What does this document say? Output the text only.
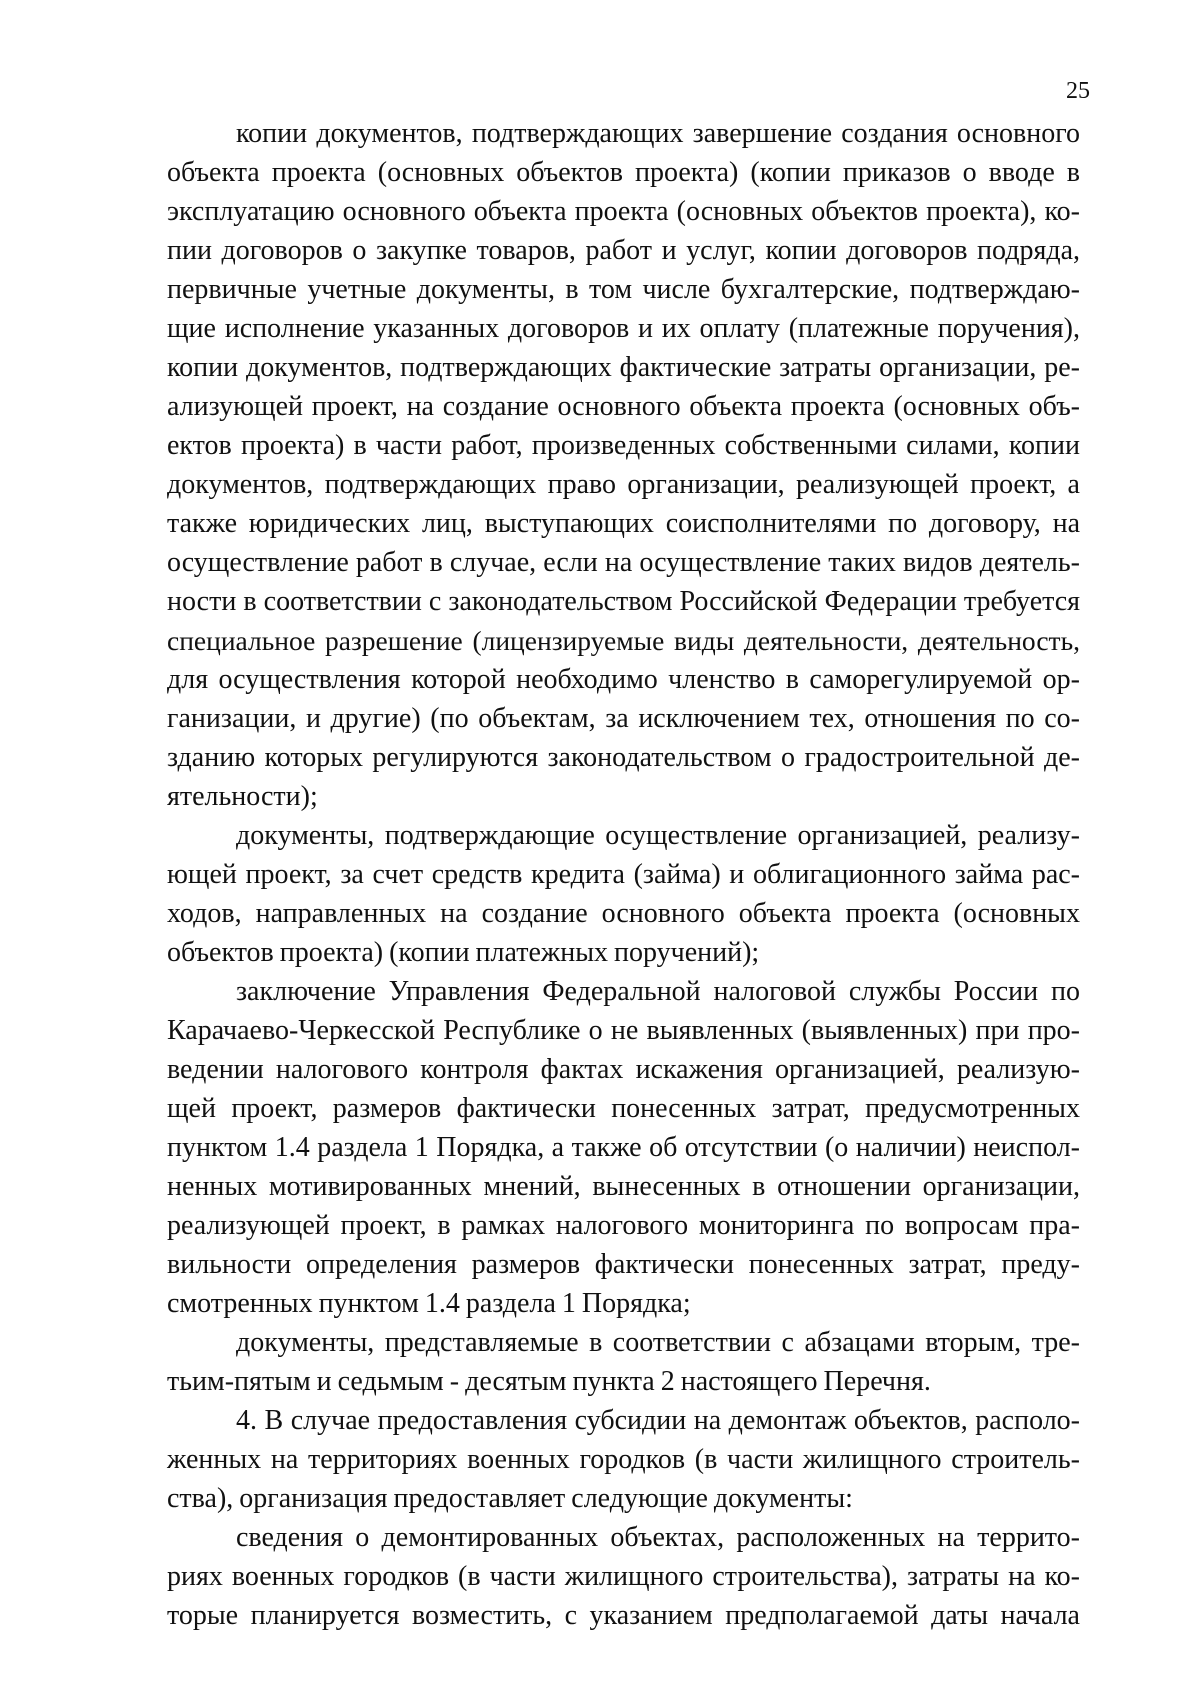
25
копии документов, подтверждающих завершение создания основного
объекта проекта (основных объектов проекта) (копии приказов о вводе в
эксплуатацию основного объекта проекта (основных объектов проекта), ко-
пии договоров о закупке товаров, работ и услуг, копии договоров подряда,
первичные учетные документы, в том числе бухгалтерские, подтверждаю-
щие исполнение указанных договоров и их оплату (платежные поручения),
копии документов, подтверждающих фактические затраты организации, ре-
ализующей проект, на создание основного объекта проекта (основных объ-
ектов проекта) в части работ, произведенных собственными силами, копии
документов, подтверждающих право организации, реализующей проект, а
также юридических лиц, выступающих соисполнителями по договору, на
осуществление работ в случае, если на осуществление таких видов деятель-
ности в соответствии с законодательством Российской Федерации требуется
специальное разрешение (лицензируемые виды деятельности, деятельность,
для осуществления которой необходимо членство в саморегулируемой ор-
ганизации, и другие) (по объектам, за исключением тех, отношения по со-
зданию которых регулируются законодательством о градостроительной де-
ятельности);
документы, подтверждающие осуществление организацией, реализу-
ющей проект, за счет средств кредита (займа) и облигационного займа рас-
ходов, направленных на создание основного объекта проекта (основных
объектов проекта) (копии платежных поручений);
заключение Управления Федеральной налоговой службы России по
Карачаево-Черкесской Республике о не выявленных (выявленных) при про-
ведении налогового контроля фактах искажения организацией, реализую-
щей проект, размеров фактически понесенных затрат, предусмотренных
пунктом 1.4 раздела 1 Порядка, а также об отсутствии (о наличии) неиспол-
ненных мотивированных мнений, вынесенных в отношении организации,
реализующей проект, в рамках налогового мониторинга по вопросам пра-
вильности определения размеров фактически понесенных затрат, преду-
смотренных пунктом 1.4 раздела 1 Порядка;
документы, представляемые в соответствии с абзацами вторым, тре-
тьим-пятым и седьмым - десятым пункта 2 настоящего Перечня.
4. В случае предоставления субсидии на демонтаж объектов, располо-
женных на территориях военных городков (в части жилищного строитель-
ства), организация предоставляет следующие документы:
сведения о демонтированных объектах, расположенных на террито-
риях военных городков (в части жилищного строительства), затраты на ко-
торые планируется возместить, с указанием предполагаемой даты начала
